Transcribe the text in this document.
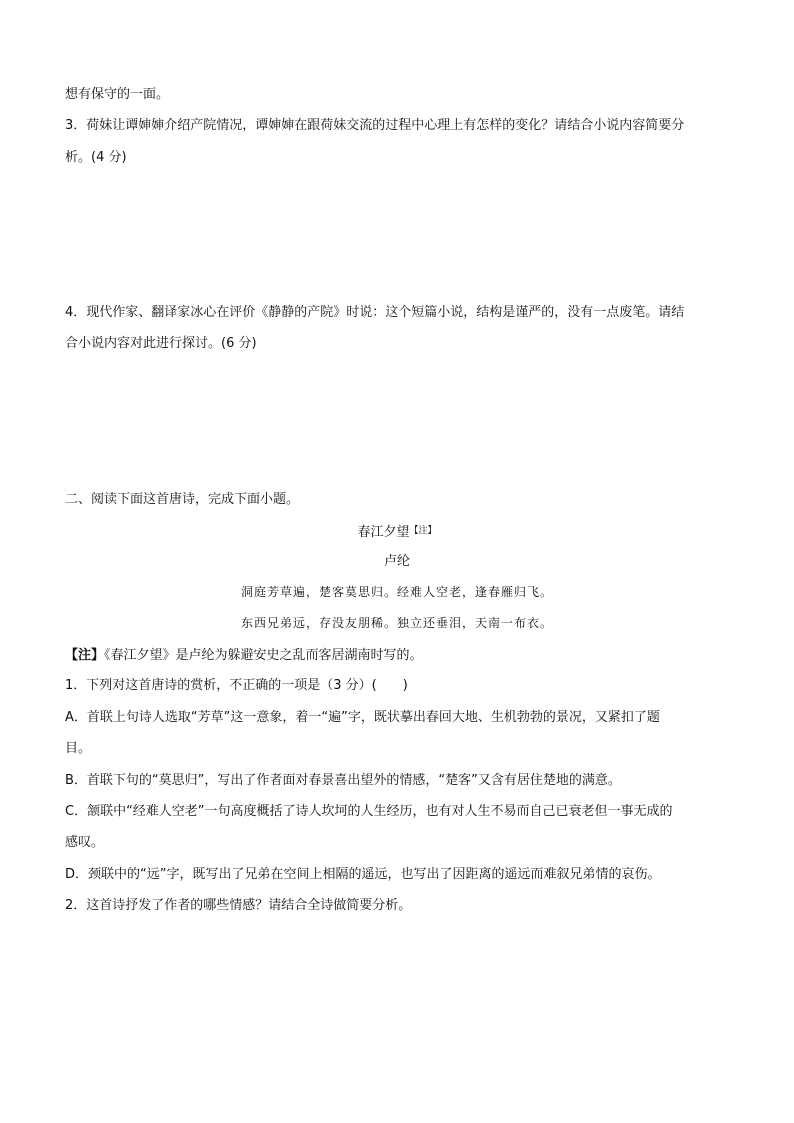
想有保守的一面。
3．荷妹让谭婶婶介绍产院情况，谭婶婶在跟荷妹交流的过程中心理上有怎样的变化？请结合小说内容简要分
析。(4 分)
4．现代作家、翻译家冰心在评价《静静的产院》时说：这个短篇小说，结构是谨严的，没有一点废笔。请结
合小说内容对此进行探讨。(6 分)
二、阅读下面这首唐诗，完成下面小题。
春江夕望$^{【注】}$
卢纶
洞庭芳草遍，楚客莫思归。经难人空老，逢春雁归飞。
东西兄弟远，存没友朋稀。独立还垂泪，天南一布衣。
【注】《春江夕望》是卢纶为躲避安史之乱而客居湖南时写的。
1．下列对这首唐诗的赏析，不正确的一项是（3 分）(　　)
A．首联上句诗人选取“芳草”这一意象，着一“遍”字，既状摹出春回大地、生机勃勃的景况，又紧扣了题
目。
B．首联下句的“莫思归”，写出了作者面对春景喜出望外的情感，“楚客”又含有居住楚地的满意。
C．颔联中“经难人空老”一句高度概括了诗人坎坷的人生经历，也有对人生不易而自己已衰老但一事无成的
感叹。
D．颈联中的“远”字，既写出了兄弟在空间上相隔的遥远，也写出了因距离的遥远而难叙兄弟情的哀伤。
2．这首诗抒发了作者的哪些情感？请结合全诗做简要分析。
